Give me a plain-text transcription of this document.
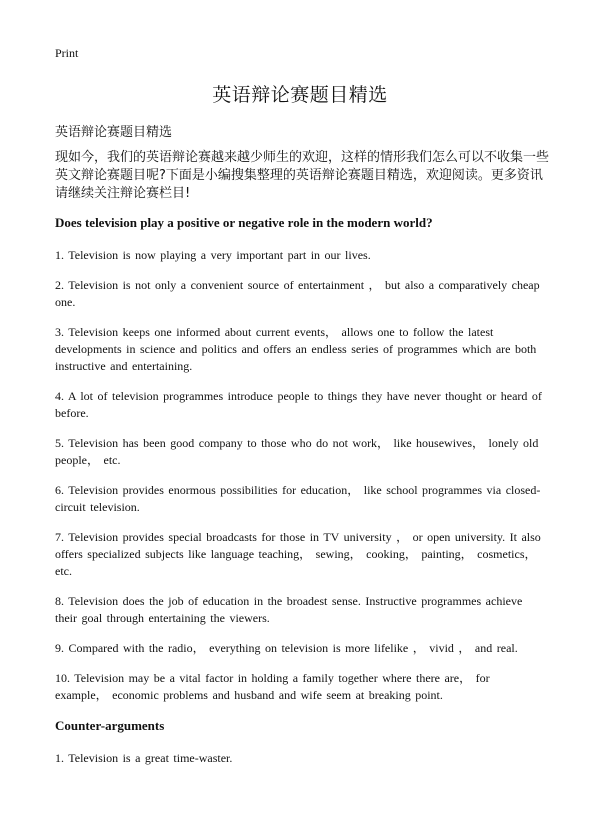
Print
英语辩论赛题目精选
英语辩论赛题目精选
现如今，我们的英语辩论赛越来越少师生的欢迎，这样的情形我们怎么可以不收集一些英文辩论赛题目呢?下面是小编搜集整理的英语辩论赛题目精选，欢迎阅读。更多资讯请继续关注辩论赛栏目!

Does television play a positive or negative role in the modern world?

1. Television is now playing a very important part in our lives.

2. Television is not only a convenient source of entertainment ， but also a comparatively cheap one.

3. Television keeps one informed about current events， allows one to follow the latest developments in science and politics and offers an endless series of programmes which are both instructive and entertaining.

4. A lot of television programmes introduce people to things they have never thought or heard of before.

5. Television has been good company to those who do not work， like housewives， lonely old people， etc.

6. Television provides enormous possibilities for education， like school programmes via closed-circuit television.

7. Television provides special broadcasts for those in TV university ， or open university. It also offers specialized subjects like language teaching， sewing， cooking， painting， cosmetics， etc.

8. Television does the job of education in the broadest sense. Instructive programmes achieve their goal through entertaining the viewers.

9. Compared with the radio， everything on television is more lifelike ， vivid ， and real.

10. Television may be a vital factor in holding a family together where there are， for example， economic problems and husband and wife seem at breaking point.

Counter-arguments

1. Television is a great time-waster.
